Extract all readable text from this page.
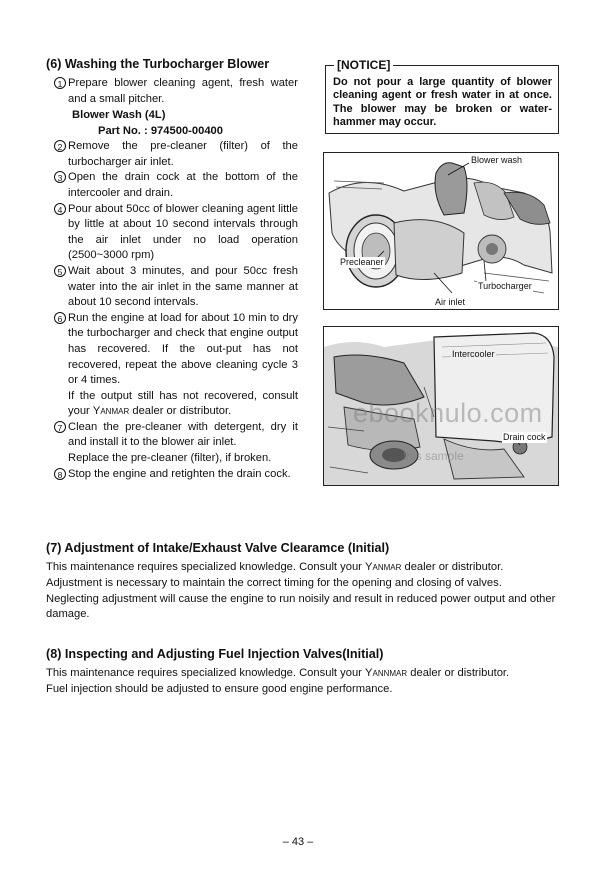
(6) Washing the Turbocharger Blower
1 Prepare blower cleaning agent, fresh water and a small pitcher.
Blower Wash (4L)
Part No. : 974500-00400
2 Remove the pre-cleaner (filter) of the turbocharger air inlet.
3 Open the drain cock at the bottom of the intercooler and drain.
4 Pour about 50cc of blower cleaning agent little by little at about 10 second intervals through the air inlet under no load operation (2500~3000 rpm)
5 Wait about 3 minutes, and pour 50cc fresh water into the air inlet in the same manner at about 10 second intervals.
6 Run the engine at load for about 10 min to dry the turbocharger and check that engine output has recovered. If the out-put has not recovered, repeat the above cleaning cycle 3 or 4 times.
If the output still has not recovered, consult your Yanmar dealer or distributor.
7 Clean the pre-cleaner with detergent, dry it and install it to the blower air inlet.
Replace the pre-cleaner (filter), if broken.
8 Stop the engine and retighten the drain cock.
[NOTICE]
Do not pour a large quantity of blower cleaning agent or fresh water in at once. The blower may be broken or water-hammer may occur.
Blower wash
Precleaner
Turbocharger
Air inlet
Intercooler
Drain cock
ebooknulo.com
this sample
(7) Adjustment of Intake/Exhaust Valve Clearamce (Initial)

This maintenance requires specialized knowledge. Consult your Yanmar dealer or distributor.

Adjustment is necessary to maintain the correct timing for the opening and closing of valves.

Neglecting adjustment will cause the engine to run noisily and result in reduced power output and other damage.

(8) Inspecting and Adjusting Fuel Injection Valves(Initial)

This maintenance requires specialized knowledge. Consult your Yannmar dealer or distributor.

Fuel injection should be adjusted to ensure good engine performance.

– 43 –
